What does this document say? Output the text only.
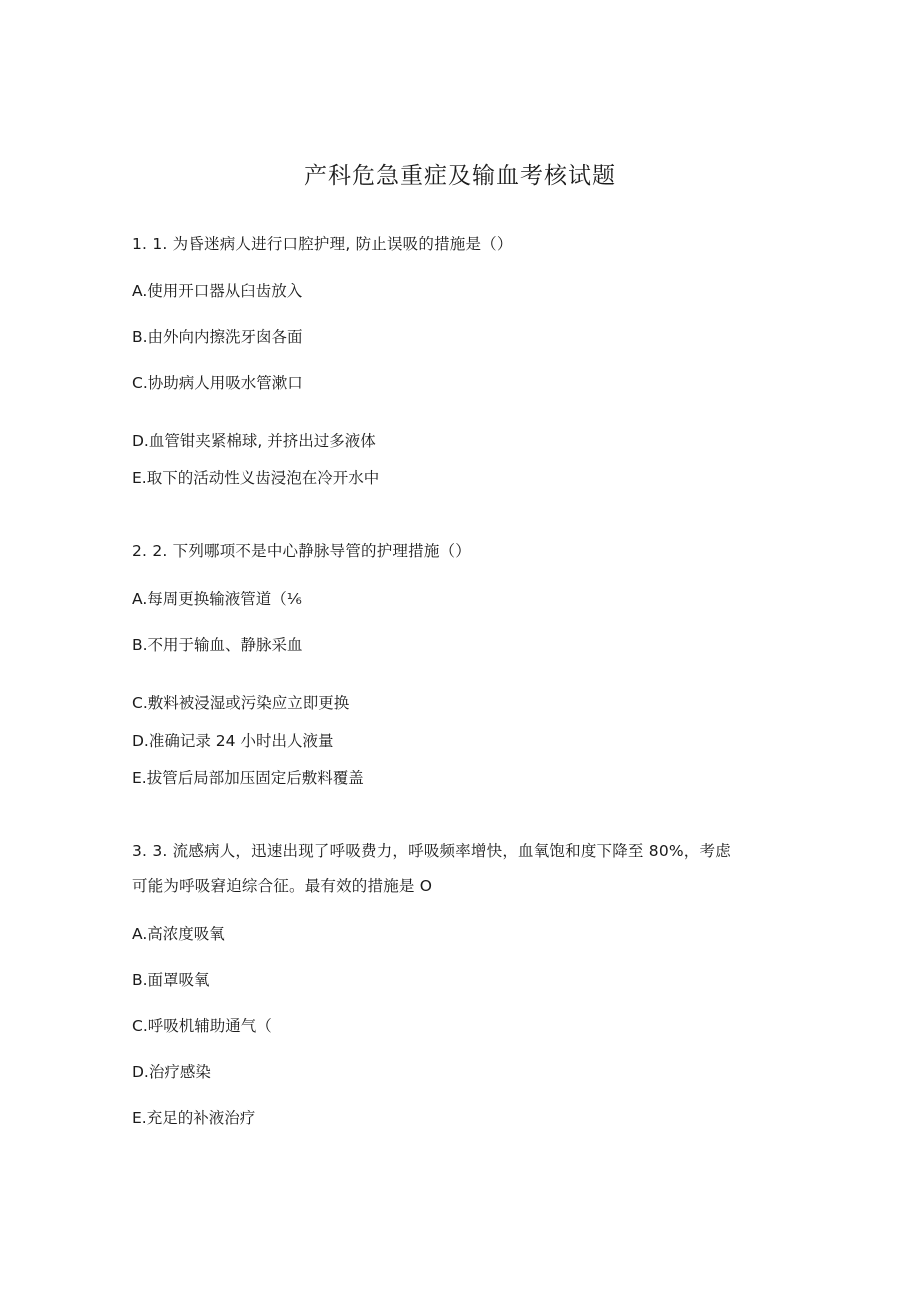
产科危急重症及输血考核试题
1. 1. 为昏迷病人进行口腔护理, 防止误吸的措施是（）
A.使用开口器从臼齿放入
B.由外向内擦洗牙囱各面
C.协助病人用吸水管漱口
D.血管钳夹紧棉球, 并挤出过多液体
E.取下的活动性义齿浸泡在冷开水中
2. 2. 下列哪项不是中心静脉导管的护理措施（）
A.每周更换输液管道（⅙
B.不用于输血、静脉采血
C.敷料被浸湿或污染应立即更换
D.准确记录 24 小时出人液量
E.拔管后局部加压固定后敷料覆盖
3. 3. 流感病人，迅速出现了呼吸费力，呼吸频率增快，血氧饱和度下降至 80%，考虑
可能为呼吸窘迫综合征。最有效的措施是 O
A.高浓度吸氧
B.面罩吸氧
C.呼吸机辅助通气（
D.治疗感染
E.充足的补液治疗
